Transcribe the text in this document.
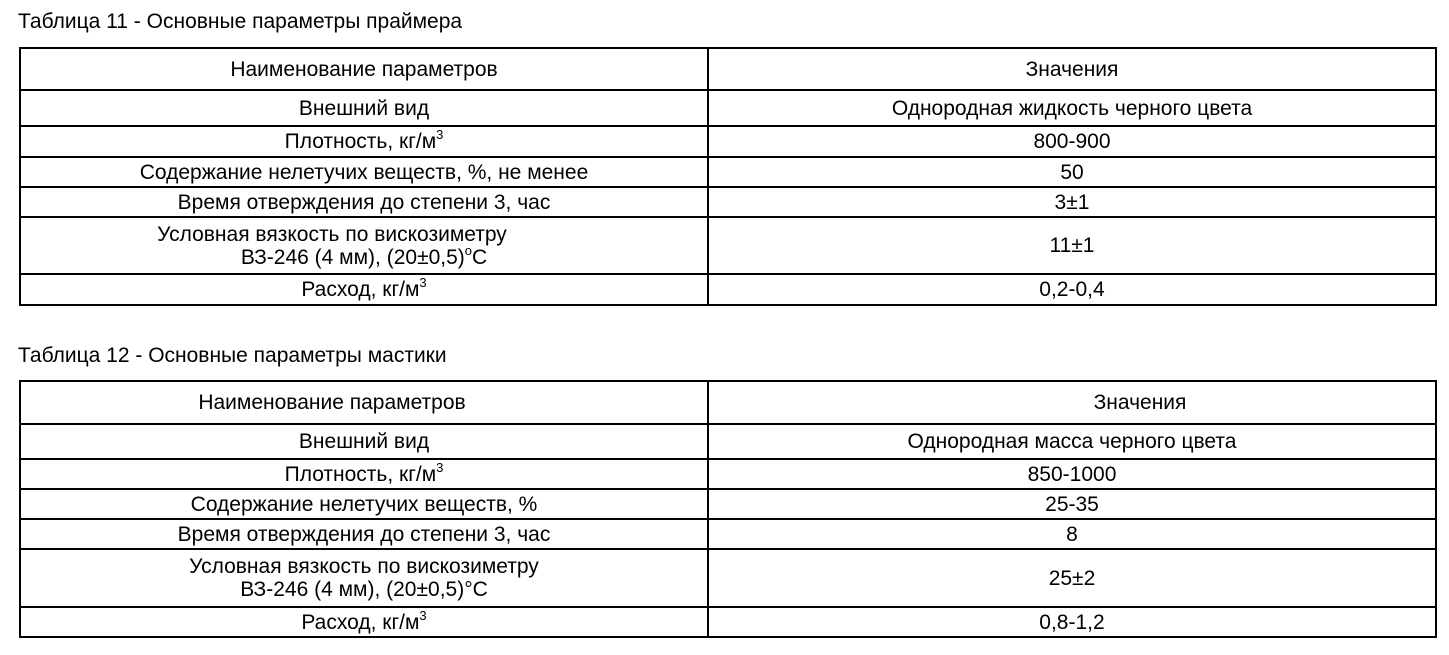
Таблица 11 - Основные параметры праймера
Наименование параметров	Значения
Внешний вид	Однородная жидкость черного цвета
Плотность, $кг/м^3$	800-900
Содержание нелетучих веществ, %, не менее	50
Время отверждения до степени 3, час	3±1

Условная вязкость по вискозиметру
ВЗ-246 (4 мм), $(20\pm 0,5)^oС$	11±1
Расход, $кг/м^3$	0,2-0,4
Таблица 12 - Основные параметры мастики
Наименование параметров	Значения
Внешний вид	Однородная масса черного цвета
Плотность, $кг/м^3$	850-1000
Содержание нелетучих веществ, %	25-35
Время отверждения до степени 3, час	8

Условная вязкость по вискозиметру
ВЗ-246 (4 мм), (20±0,5)°С	25±2
Расход, $кг/м^3$	0,8-1,2
